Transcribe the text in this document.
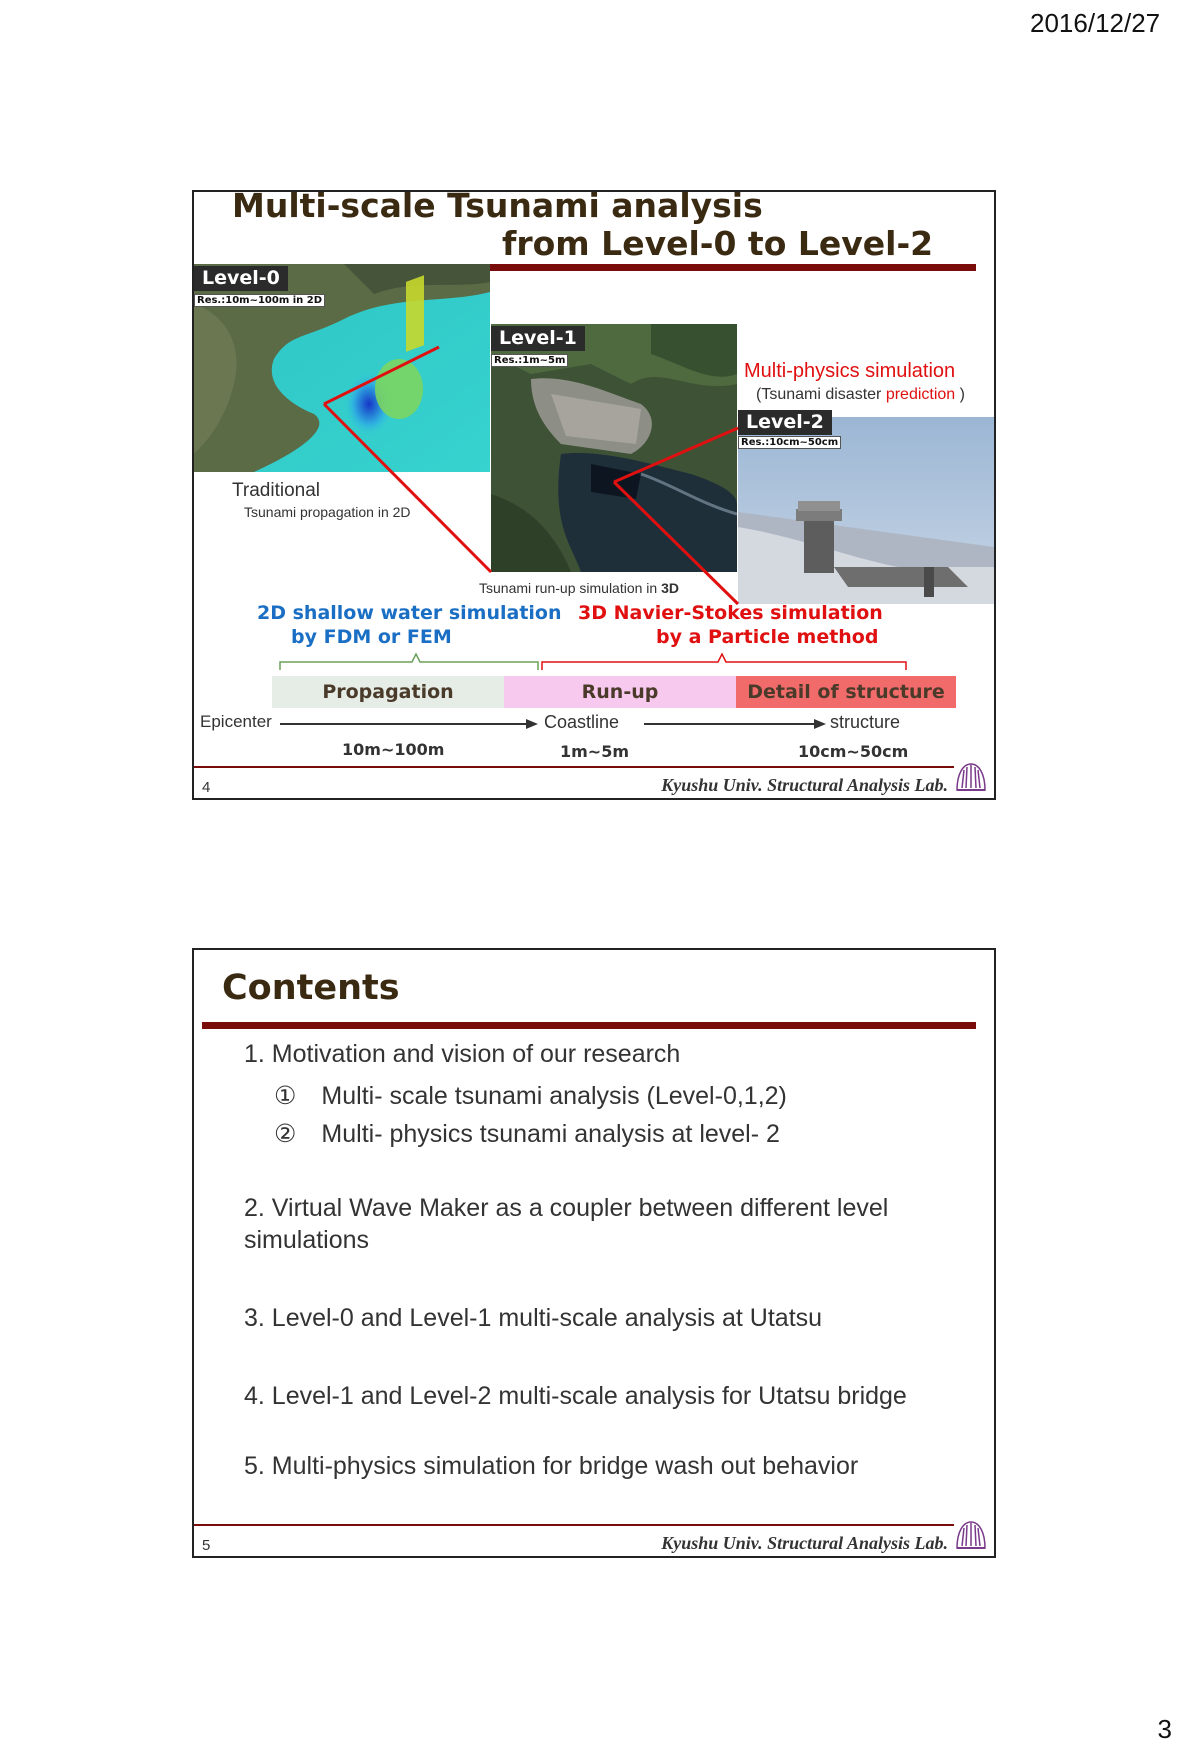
2016/12/27
Multi-scale Tsunami analysis
from Level-0 to Level-2
Level-0
Res.:10m~100m in 2D
Level-1
Res.:1m~5m
Level-2
Res.:10cm~50cm
Multi-physics simulation
(Tsunami disaster prediction )
Traditional
Tsunami propagation in 2D
Tsunami run-up simulation in 3D
2D shallow water simulation
by FDM or FEM
3D Navier-Stokes simulation
by a Particle method
Propagation	Run-up	Detail of structure
Epicenter	Coastline	structure
10m~100m	1m~5m	10cm~50cm
4	Kyushu Univ. Structural Analysis Lab.
Contents
1. Motivation and vision of our research
①　Multi- scale tsunami analysis (Level-0,1,2)
②　Multi- physics tsunami analysis at level- 2
2. Virtual Wave Maker as a coupler between different level
simulations
3. Level-0 and Level-1 multi-scale analysis at Utatsu
4. Level-1 and Level-2 multi-scale analysis for Utatsu bridge
5. Multi-physics simulation for bridge wash out behavior
5	Kyushu Univ. Structural Analysis Lab.
3
